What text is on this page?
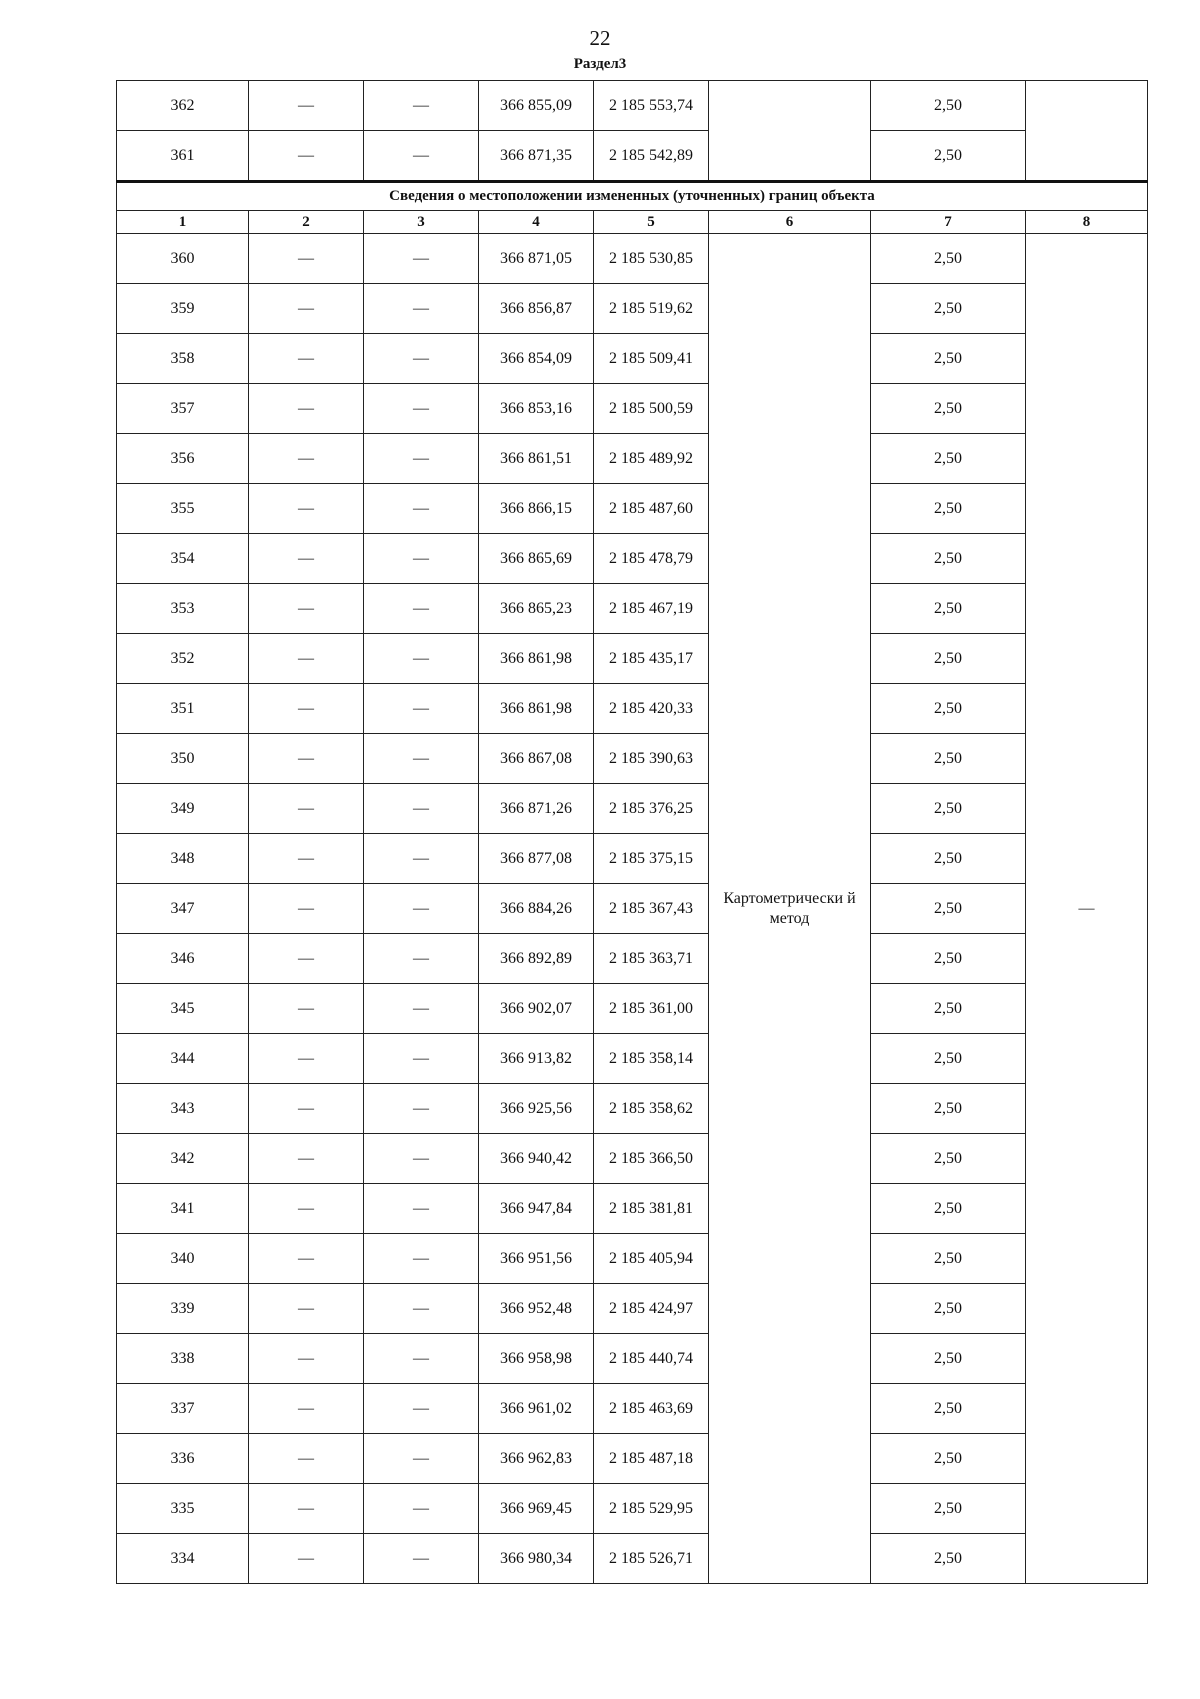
22
Раздел3
362	—	—	366 855,09	2 185 553,74		2,50	
361	—	—	366 871,35	2 185 542,89		2,50	
Сведения о местоположении измененных (уточненных) границ объекта							
1	2	3	4	5	6	7	8
360	—	—	366 871,05	2 185 530,85	Картометрически й метод	2,50	—
359	—	—	366 856,87	2 185 519,62		2,50	
358	—	—	366 854,09	2 185 509,41		2,50	
357	—	—	366 853,16	2 185 500,59		2,50	
356	—	—	366 861,51	2 185 489,92		2,50	
355	—	—	366 866,15	2 185 487,60		2,50	
354	—	—	366 865,69	2 185 478,79		2,50	
353	—	—	366 865,23	2 185 467,19		2,50	
352	—	—	366 861,98	2 185 435,17		2,50	
351	—	—	366 861,98	2 185 420,33		2,50	
350	—	—	366 867,08	2 185 390,63		2,50	
349	—	—	366 871,26	2 185 376,25		2,50	
348	—	—	366 877,08	2 185 375,15		2,50	
347	—	—	366 884,26	2 185 367,43		2,50	
346	—	—	366 892,89	2 185 363,71		2,50	
345	—	—	366 902,07	2 185 361,00		2,50	
344	—	—	366 913,82	2 185 358,14		2,50	
343	—	—	366 925,56	2 185 358,62		2,50	
342	—	—	366 940,42	2 185 366,50		2,50	
341	—	—	366 947,84	2 185 381,81		2,50	
340	—	—	366 951,56	2 185 405,94		2,50	
339	—	—	366 952,48	2 185 424,97		2,50	
338	—	—	366 958,98	2 185 440,74		2,50	
337	—	—	366 961,02	2 185 463,69		2,50	
336	—	—	366 962,83	2 185 487,18		2,50	
335	—	—	366 969,45	2 185 529,95		2,50	
334	—	—	366 980,34	2 185 526,71		2,50	
